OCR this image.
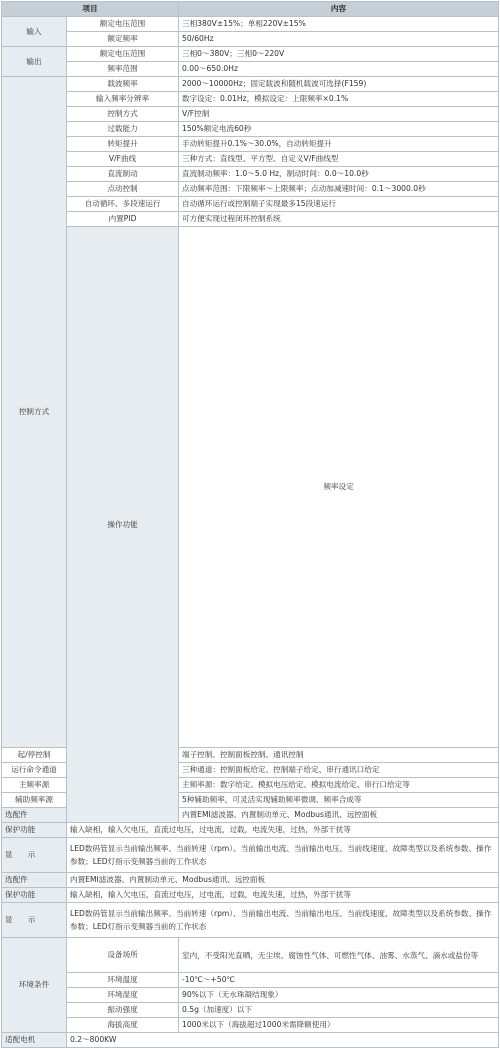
项目		内容	
输入	额定电压范围	三相380V±15%；单相220V±15%	
	额定频率	50/60Hz	
输出	额定电压范围	三相0～380V；三相0～220V	
	频率范围	0.00～650.0Hz	
控制方式	载波频率	2000～10000Hz；固定载波和随机载波可选择(F159)	
	输入频率分辨率	数字设定：0.01Hz，模拟设定：上限频率×0.1%	
	控制方式	V/F控制	
	过载能力	150%额定电流60秒	
	转矩提升	手动转矩提升0.1%～30.0%，自动转矩提升	
	V/F曲线	三种方式：直线型、平方型、自定义V/F曲线型	
	直流制动	直流制动频率：1.0～5.0 Hz，制动时间：0.0～10.0秒	
	点动控制	点动频率范围：下限频率～上限频率；点动加减速时间：0.1～3000.0秒	
	自动循环、多段速运行	自动循环运行或控制端子实现最多15段速运行	
	内置PID	可方便实现过程闭环控制系统	
	操作功能	频率设定	
起/停控制		端子控制、控制面板控制、通讯控制	
运行命令通道		三种通道：控制面板给定、控制端子给定、串行通讯口给定	
主频率源		主频率源：数字给定、模拟电压给定、模拟电流给定、串行口给定等	
辅助频率源		5种辅助频率，可灵活实现辅助频率微调、频率合成等	
选配件		内置EMI滤波器、内置制动单元、Modbus通讯、远控面板	
保护功能	输入缺相，输入欠电压，直流过电压，过电流，过载，电流失速，过热，外部干扰等		
显　　示	LED数码管显示当前输出频率、当前转速（rpm）、当前输出电流、当前输出电压、当前线速度、故障类型以及系统参数、操作参数；LED灯指示变频器当前的工作状态		
选配件	内置EMI滤波器、内置制动单元、Modbus通讯、远控面板		
保护功能	输入缺相，输入欠电压，直流过电压，过电流，过载，电流失速，过热，外部干扰等		
显　　示	LED数码管显示当前输出频率、当前转速（rpm）、当前输出电流、当前输出电压、当前线速度、故障类型以及系统参数、操作参数；LED灯指示变频器当前的工作状态		
环境条件	设备场所	室内，不受阳光直晒，无尘埃、腐蚀性气体、可燃性气体、油雾、水蒸气、滴水或盐份等	
	环境温度	-10℃～+50℃	
	环境湿度	90%以下（无水珠凝结现象）	
	振动强度	0.5g（加速度）以下	
	海拔高度	1000米以下（海拔超过1000米需降额使用）	
适配电机	0.2～800KW		
